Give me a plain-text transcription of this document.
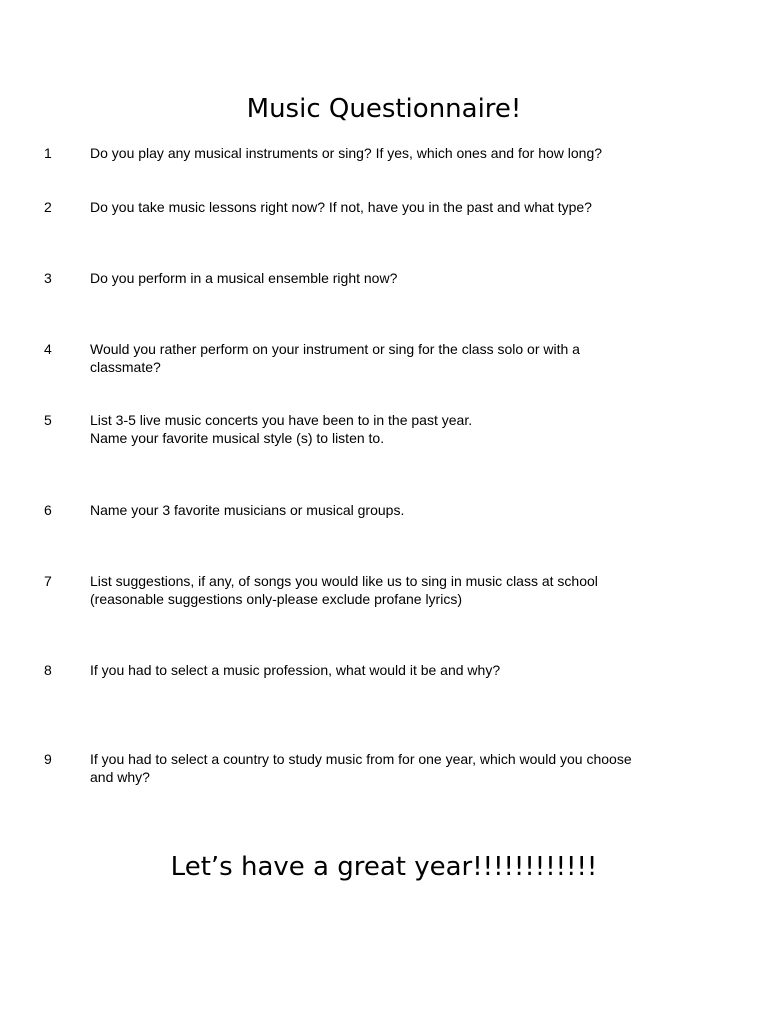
Music Questionnaire!
1	Do you play any musical instruments or sing? If yes, which ones and for how long?
2	Do you take music lessons right now? If not, have you in the past and what type?
3	Do you perform in a musical ensemble right now?
4	Would you rather perform on your instrument or sing for the class solo or with a
classmate?
5	List 3-5 live music concerts you have been to in the past year.
Name your favorite musical style (s) to listen to.
6	Name your 3 favorite musicians or musical groups.
7	List suggestions, if any, of songs you would like us to sing in music class at school
(reasonable suggestions only-please exclude profane lyrics)
8	If you had to select a music profession, what would it be and why?
9	If you had to select a country to study music from for one year, which would you choose
and why?
Let’s have a great year!!!!!!!!!!!!
